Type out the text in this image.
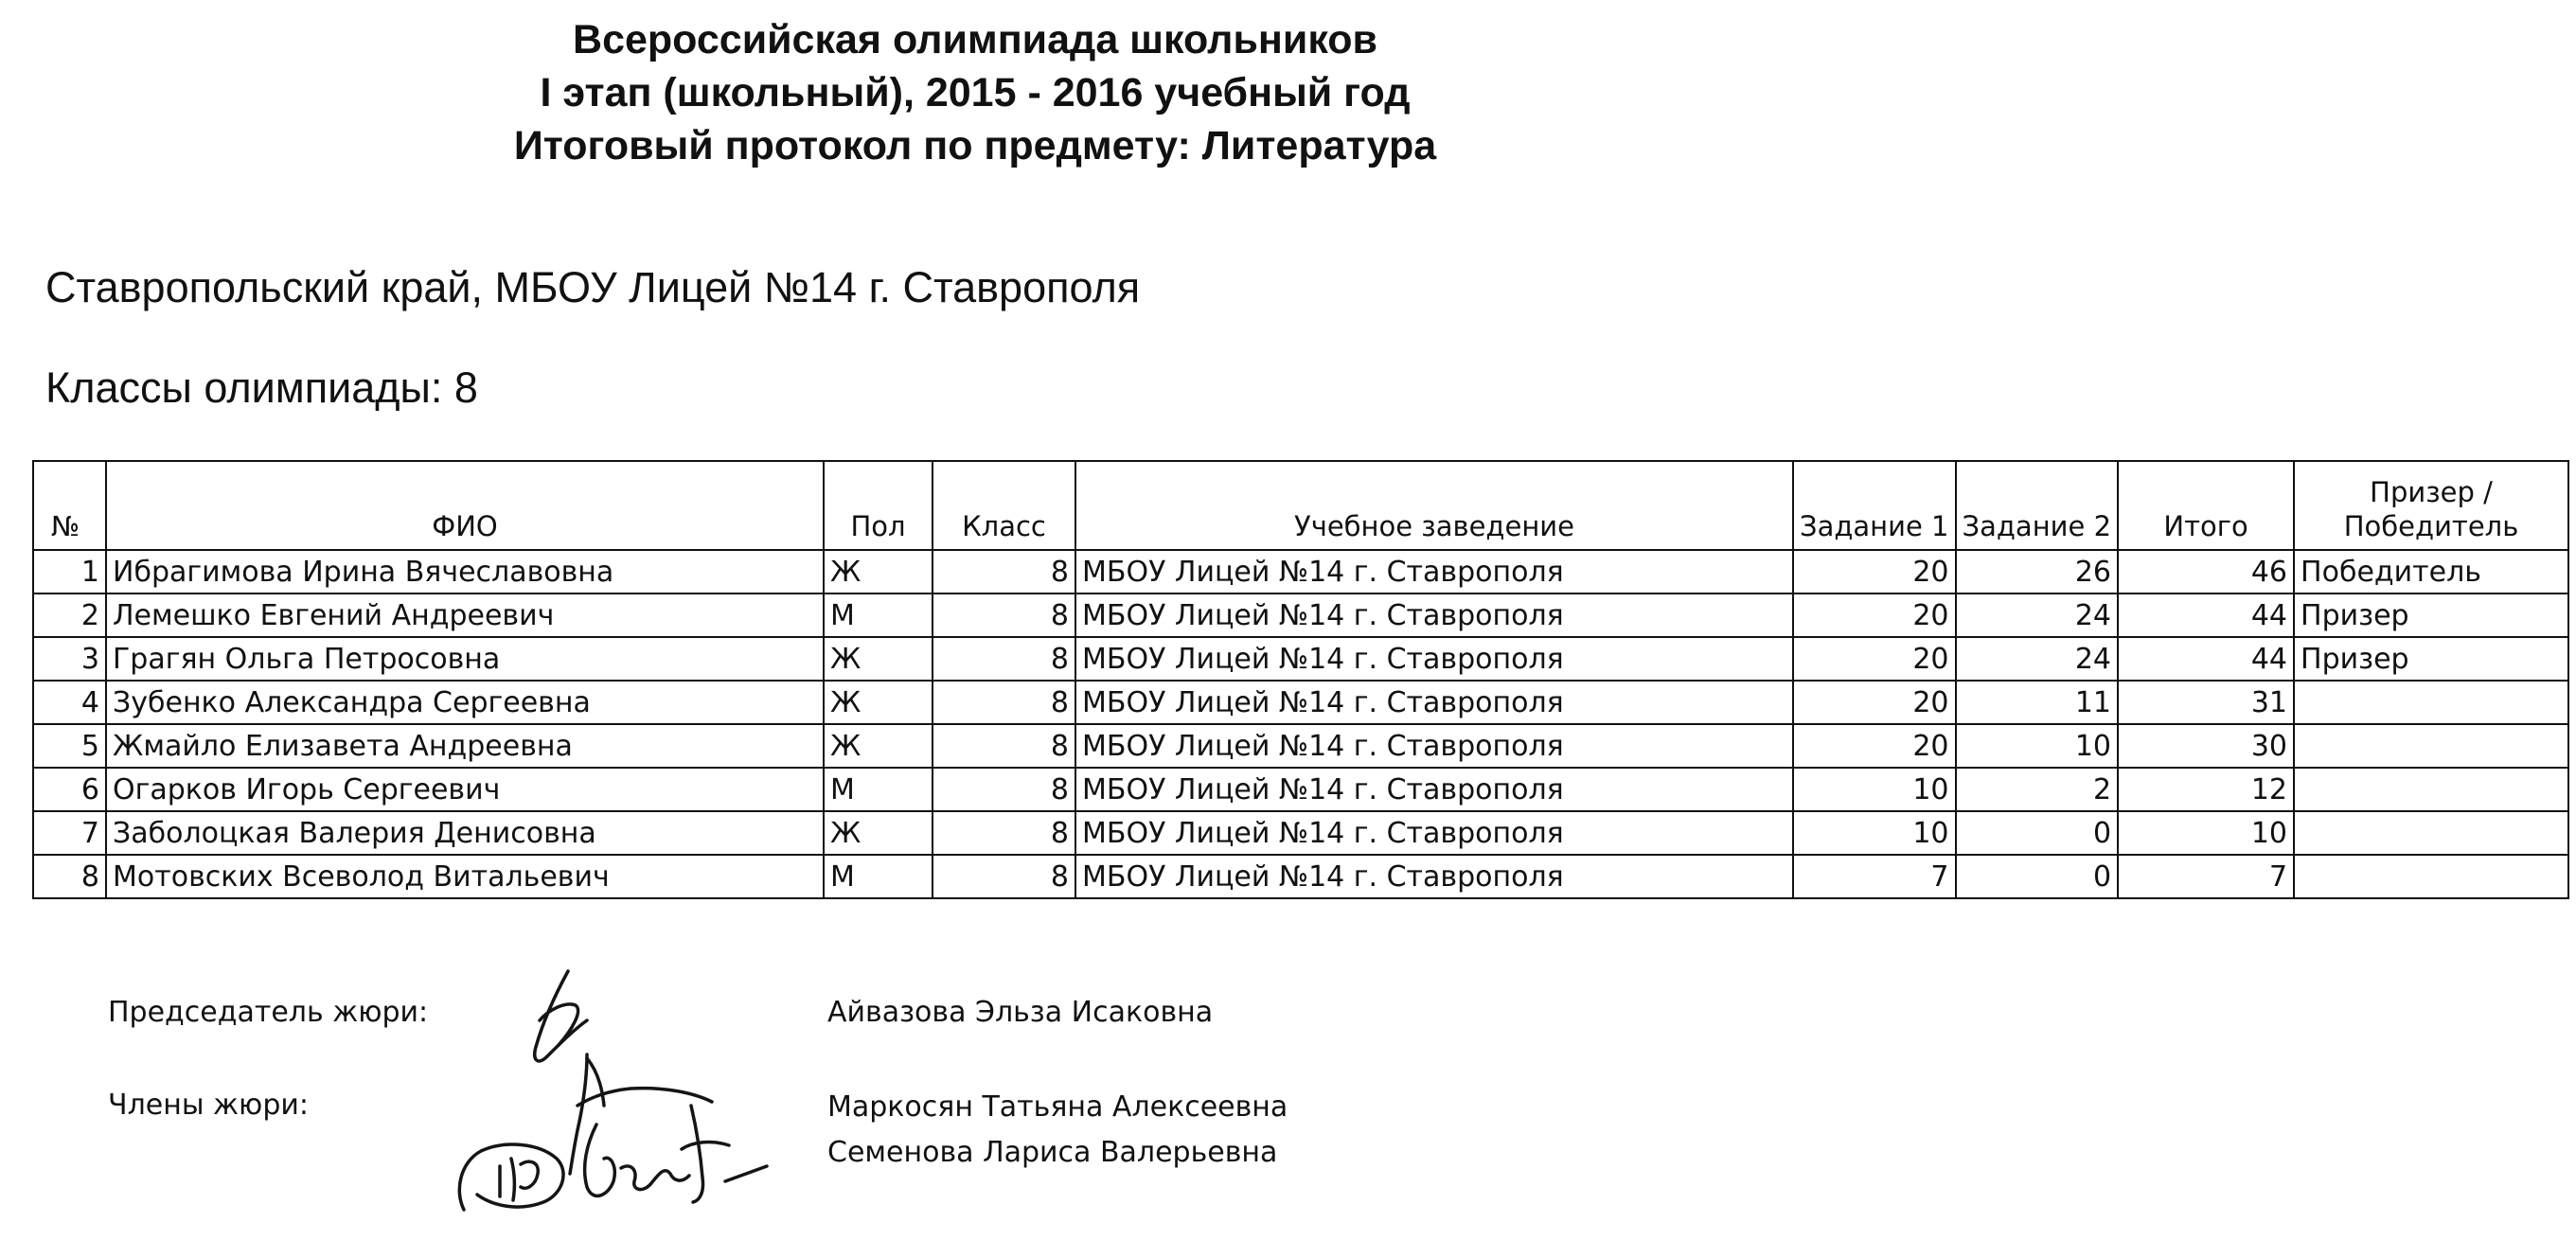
Всероссийская олимпиада школьников
I этап (школьный), 2015 - 2016 учебный год
Итоговый протокол по предмету: Литература
Ставропольский край, МБОУ Лицей №14 г. Ставрополя
Классы олимпиады: 8
№	ФИО	Пол	Класс	Учебное заведение	Задание 1	Задание 2	Итого	Призер /
Победитель
1	Ибрагимова Ирина Вячеславовна	Ж	8	МБОУ Лицей №14 г. Ставрополя	20	26	46	Победитель
2	Лемешко Евгений Андреевич	М	8	МБОУ Лицей №14 г. Ставрополя	20	24	44	Призер
3	Грагян Ольга Петросовна	Ж	8	МБОУ Лицей №14 г. Ставрополя	20	24	44	Призер
4	Зубенко Александра Сергеевна	Ж	8	МБОУ Лицей №14 г. Ставрополя	20	11	31	
5	Жмайло Елизавета Андреевна	Ж	8	МБОУ Лицей №14 г. Ставрополя	20	10	30	
6	Огарков Игорь Сергеевич	М	8	МБОУ Лицей №14 г. Ставрополя	10	2	12	
7	Заболоцкая Валерия Денисовна	Ж	8	МБОУ Лицей №14 г. Ставрополя	10	0	10	
8	Мотовских Всеволод Витальевич	М	8	МБОУ Лицей №14 г. Ставрополя	7	0	7	
Председатель жюри:	Айвазова Эльза Исаковна
Члены жюри:	Маркосян Татьяна Алексеевна
Семенова Лариса Валерьевна
